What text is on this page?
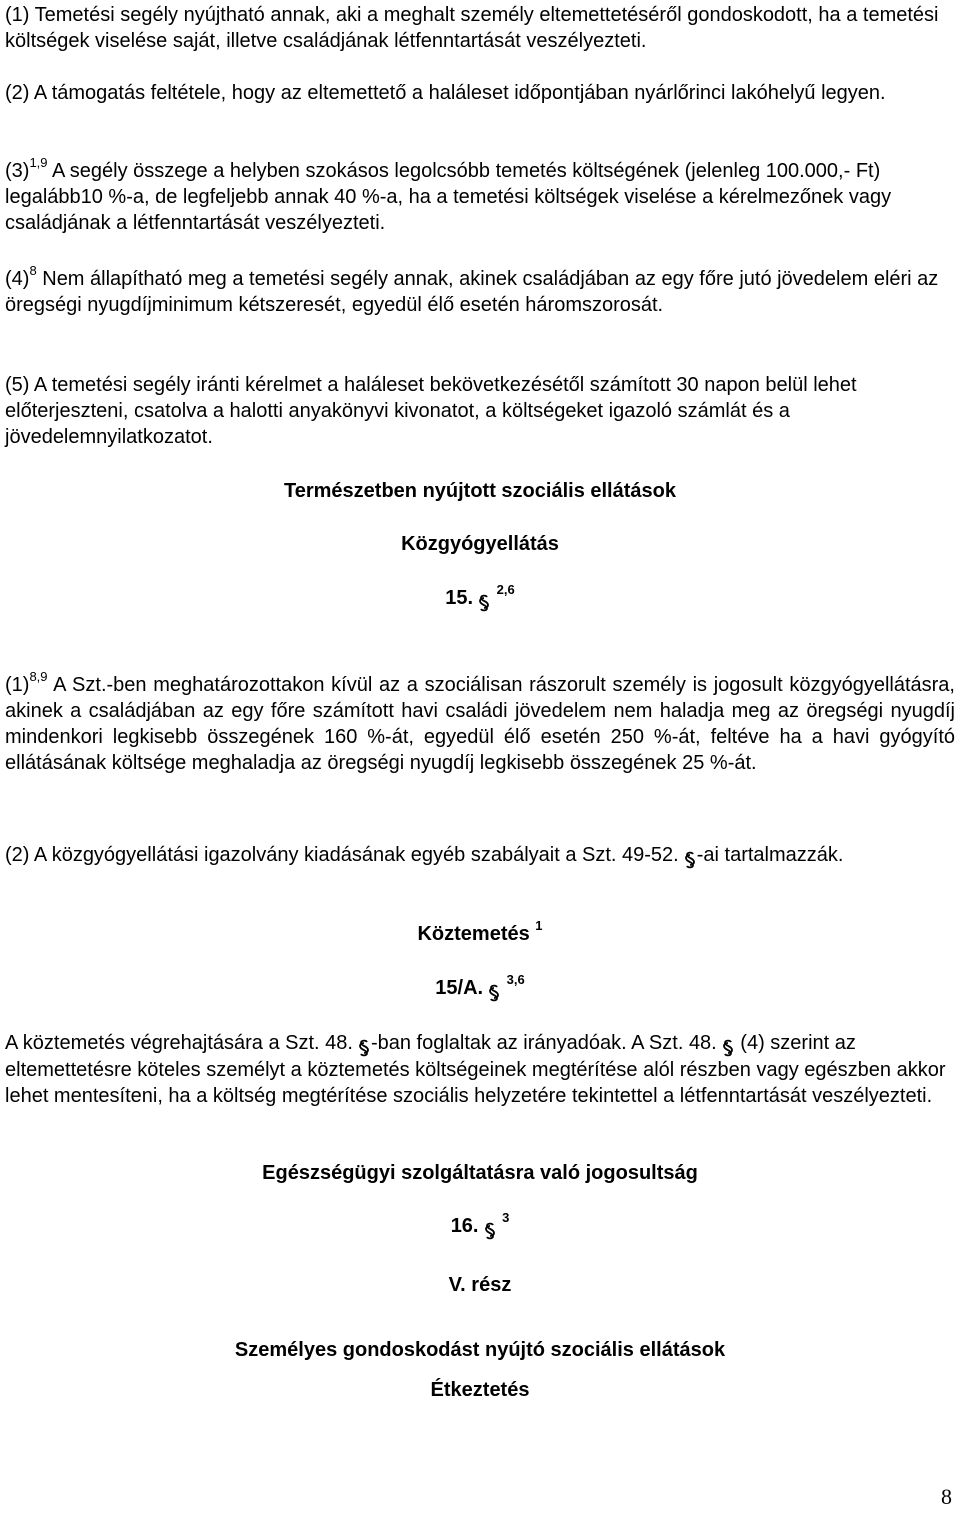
(1) Temetési segély nyújtható annak, aki a meghalt személy eltemettetéséről gondoskodott, ha a temetési költségek viselése saját, illetve családjának létfenntartását veszélyezteti.

(2) A támogatás feltétele, hogy az eltemettető a haláleset időpontjában nyárlőrinci lakóhelyű legyen.

$(3)^{1,9}$ A segély összege a helyben szokásos legolcsóbb temetés költségének (jelenleg 100.000,- Ft) legalább10 %-a, de legfeljebb annak 40 %-a, ha a temetési költségek viselése a kérelmezőnek vagy családjának a létfenntartását veszélyezteti.

$(4)^8$ Nem állapítható meg a temetési segély annak, akinek családjában az egy főre jutó jövedelem eléri az öregségi nyugdíjminimum kétszeresét, egyedül élő esetén háromszorosát.

(5) A temetési segély iránti kérelmet a haláleset bekövetkezésétől számított 30 napon belül lehet előterjeszteni, csatolva a halotti anyakönyvi kivonatot, a költségeket igazoló számlát és a jövedelemnyilatkozatot.

Természetben nyújtott szociális ellátások

Közgyógyellátás

15. $^{2,6}$

$(1)^{8,9}$ A Szt.-ben meghatározottakon kívül az a szociálisan rászorult személy is jogosult közgyógyellátásra, akinek a családjában az egy főre számított havi családi jövedelem nem haladja meg az öregségi nyugdíj mindenkori legkisebb összegének 160 %-át, egyedül élő esetén 250 %-át, feltéve ha a havi gyógyító ellátásának költsége meghaladja az öregségi nyugdíj legkisebb összegének 25 %-át.

(2) A közgyógyellátási igazolvány kiadásának egyéb szabályait a Szt. 49-52. -ai tartalmazzák.

Köztemetés $^1$

15/A. $^{3,6}$

A köztemetés végrehajtására a Szt. 48. -ban foglaltak az irányadóak. A Szt. 48. (4) szerint az eltemettetésre köteles személyt a köztemetés költségeinek megtérítése alól részben vagy egészben akkor lehet mentesíteni, ha a költség megtérítése szociális helyzetére tekintettel a létfenntartását veszélyezteti.

Egészségügyi szolgáltatásra való jogosultság

16. $^3$

V. rész

Személyes gondoskodást nyújtó szociális ellátások

Étkeztetés

8
